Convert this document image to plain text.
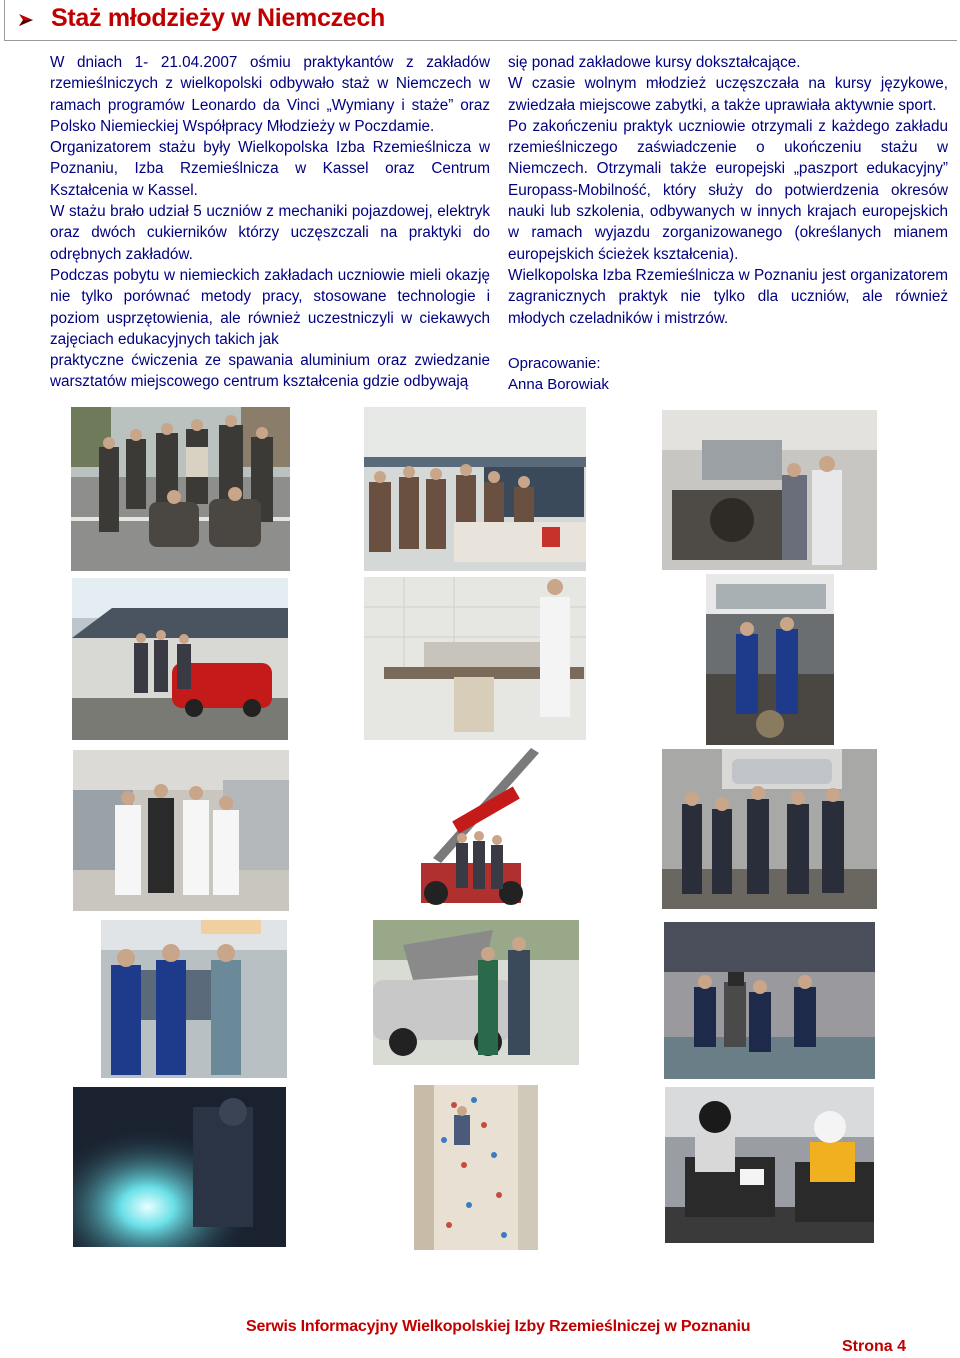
Staż młodzieży w Niemczech

W dniach 1- 21.04.2007 ośmiu praktykantów z zakładów rzemieślniczych z wielkopolski odbywało staż w Niemczech w ramach programów Leonardo da Vinci „Wymiany i staże” oraz Polsko Niemieckiej Współpracy Młodzieży w Poczdamie.

Organizatorem stażu były Wielkopolska Izba Rzemieślnicza w Poznaniu, Izba Rzemieślnicza w Kassel oraz Centrum Kształcenia w Kassel.

W stażu brało udział 5 uczniów z mechaniki pojazdowej, elektryk oraz dwóch cukierników którzy uczęszczali na praktyki do odrębnych zakładów.

Podczas pobytu w niemieckich zakładach uczniowie mieli okazję nie tylko porównać metody pracy, stosowane technologie i poziom usprzętowienia, ale również uczestniczyli w ciekawych zajęciach edukacyjnych takich jak

praktyczne ćwiczenia ze spawania aluminium oraz zwiedzanie warsztatów miejscowego centrum kształcenia gdzie odbywają

się ponad zakładowe kursy dokształcające.

W czasie wolnym młodzież uczęszczała na kursy językowe, zwiedzała miejscowe zabytki, a także uprawiała aktywnie sport.

Po zakończeniu praktyk uczniowie otrzymali z każdego zakładu rzemieślniczego zaświadczenie o ukończeniu stażu w Niemczech. Otrzymali także europejski „paszport edukacyjny” Europass-Mobilność, który służy do potwierdzenia okresów nauki lub szkolenia, odbywanych w innych krajach europejskich w ramach wyjazdu zorganizowanego (określanych mianem europejskich ścieżek kształcenia).

Wielkopolska Izba Rzemieślnicza w Poznaniu jest organizatorem zagranicznych praktyk nie tylko dla uczniów, ale również młodych czeladników i mistrzów.

Opracowanie:
Anna Borowiak
Serwis Informacyjny Wielkopolskiej Izby Rzemieślniczej w Poznaniu
Strona 4
